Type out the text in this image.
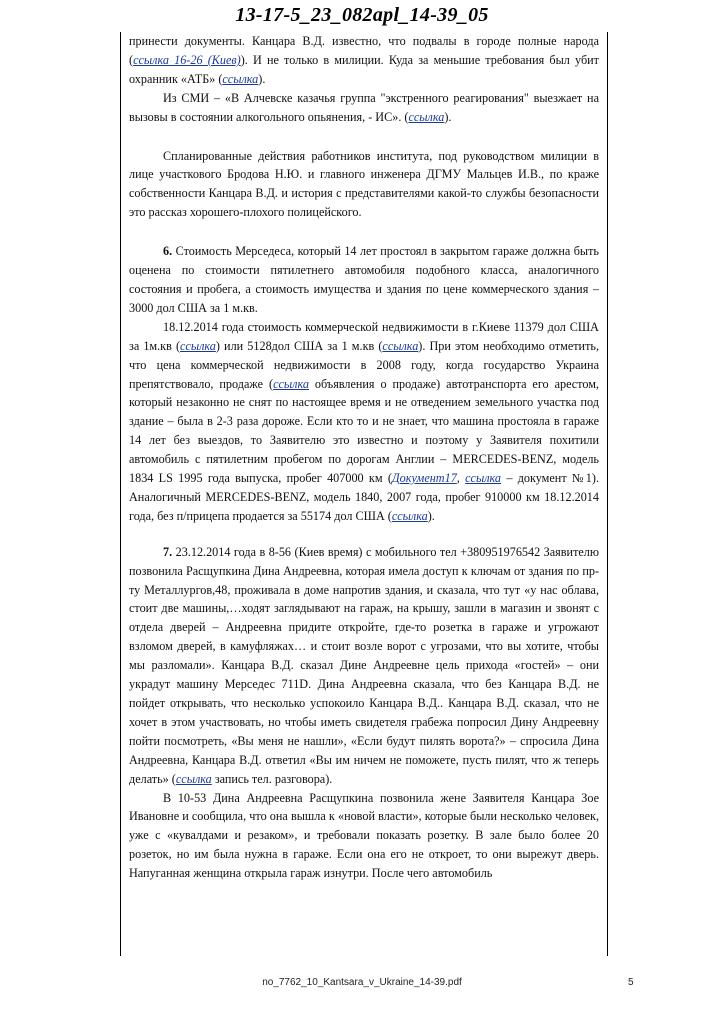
13-17-5_23_082apl_14-39_05

принести документы. Канцара В.Д. известно, что подвалы в городе полные народа (ссылка 16-26 (Киев)). И не только в милиции. Куда за меньшие требования был убит охранник «АТБ» (ссылка).

Из СМИ – «В Алчевске казачья группа "экстренного реагирования" выезжает на вызовы в состоянии алкогольного опьянения, - ИС». (ссылка).

Спланированные действия работников института, под руководством милиции в лице участкового Бродова Н.Ю. и главного инженера ДГМУ Мальцев И.В., по краже собственности Канцара В.Д. и история с представителями какой-то службы безопасности это рассказ хорошего-плохого полицейского.

6. Стоимость Мерседеса, который 14 лет простоял в закрытом гараже должна быть оценена по стоимости пятилетнего автомобиля подобного класса, аналогичного состояния и пробега, а стоимость имущества и здания по цене коммерческого здания – 3000 дол США за 1 м.кв.

18.12.2014 года стоимость коммерческой недвижимости в г.Киеве 11379 дол США за 1м.кв (ссылка) или 5128дол США за 1 м.кв (ссылка). При этом необходимо отметить, что цена коммерческой недвижимости в 2008 году, когда государство Украина препятствовало, продаже (ссылка объявления о продаже) автотранспорта его арестом, который незаконно не снят по настоящее время и не отведением земельного участка под здание – была в 2-3 раза дороже. Если кто то и не знает, что машина простояла в гараже 14 лет без выездов, то Заявителю это известно и поэтому у Заявителя похитили автомобиль с пятилетним пробегом по дорогам Англии – MERCEDES-BENZ, модель 1834 LS 1995 года выпуска, пробег 407000 км (Документ17, ссылка – документ №1). Аналогичный MERCEDES-BENZ, модель 1840, 2007 года, пробег 910000 км 18.12.2014 года, без п/прицепа продается за 55174 дол США (ссылка).

7. 23.12.2014 года в 8-56 (Киев время) с мобильного тел +380951976542 Заявителю позвонила Расщупкина Дина Андреевна, которая имела доступ к ключам от здания по пр-ту Металлургов,48, проживала в доме напротив здания, и сказала, что тут «у нас облава, стоит две машины,…ходят заглядывают на гараж, на крышу, зашли в магазин и звонят с отдела дверей – Андреевна придите откройте, где-то розетка в гараже и угрожают взломом дверей, в камуфляжах… и стоит возле ворот с угрозами, что вы хотите, чтобы мы разломали». Канцара В.Д. сказал Дине Андреевне цель прихода «гостей» – они украдут машину Мерседес 711D. Дина Андреевна сказала, что без Канцара В.Д. не пойдет открывать, что несколько успокоило Канцара В.Д.. Канцара В.Д. сказал, что не хочет в этом участвовать, но чтобы иметь свидетеля грабежа попросил Дину Андреевну пойти посмотреть, «Вы меня не нашли», «Если будут пилять ворота?» – спросила Дина Андреевна, Канцара В.Д. ответил «Вы им ничем не поможете, пусть пилят, что ж теперь делать» (ссылка запись тел. разговора).

В 10-53 Дина Андреевна Расщупкина позвонила жене Заявителя Канцара Зое Ивановне и сообщила, что она вышла к «новой власти», которые были несколько человек, уже с «кувалдами и резаком», и требовали показать розетку. В зале было более 20 розеток, но им была нужна в гараже. Если она его не откроет, то они вырежут дверь. Напуганная женщина открыла гараж изнутри. После чего автомобиль

no_7762_10_Kantsara_v_Ukraine_14-39.pdf	5
